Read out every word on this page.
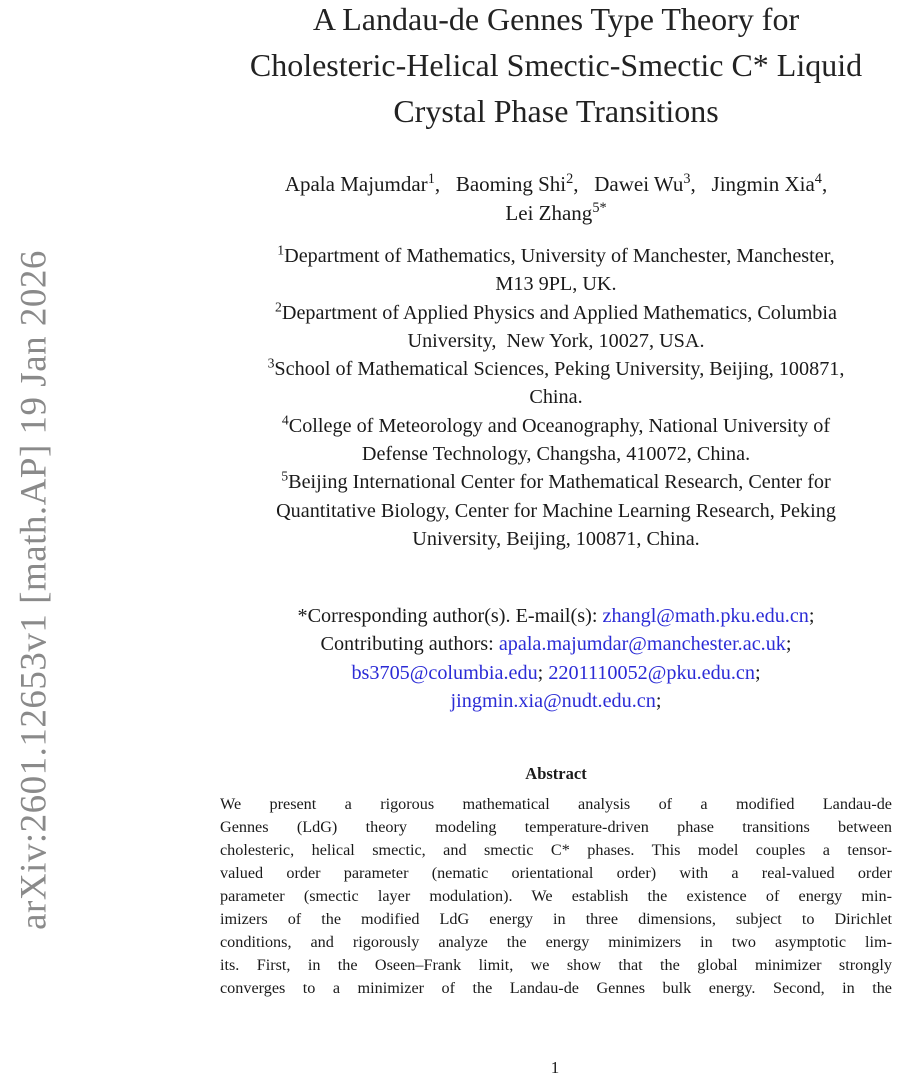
arXiv:2601.12653v1 [math.AP] 19 Jan 2026
A Landau-de Gennes Type Theory for
Cholesteric-Helical Smectic-Smectic C* Liquid
Crystal Phase Transitions
Apala Majumdar$^1$,   Baoming Shi$^2$,   Dawei Wu$^3$,   Jingmin Xia$^4$,
Lei Zhang$^{5*}$
$^1$Department of Mathematics, University of Manchester, Manchester,
M13 9PL, UK.
$^2$Department of Applied Physics and Applied Mathematics, Columbia
University,  New York, 10027, USA.
$^3$School of Mathematical Sciences, Peking University, Beijing, 100871,
China.
$^4$College of Meteorology and Oceanography, National University of
Defense Technology, Changsha, 410072, China.
$^5$Beijing International Center for Mathematical Research, Center for
Quantitative Biology, Center for Machine Learning Research, Peking
University, Beijing, 100871, China.
*Corresponding author(s). E-mail(s): zhangl@math.pku.edu.cn;
Contributing authors: apala.majumdar@manchester.ac.uk;
bs3705@columbia.edu; 2201110052@pku.edu.cn;
jingmin.xia@nudt.edu.cn;
Abstract
We present a rigorous mathematical analysis of a modified Landau-de
Gennes (LdG) theory modeling temperature-driven phase transitions between
cholesteric, helical smectic, and smectic C* phases. This model couples a tensor-
valued order parameter (nematic orientational order) with a real-valued order
parameter (smectic layer modulation). We establish the existence of energy min-
imizers of the modified LdG energy in three dimensions, subject to Dirichlet
conditions, and rigorously analyze the energy minimizers in two asymptotic lim-
its. First, in the Oseen–Frank limit, we show that the global minimizer strongly
converges to a minimizer of the Landau-de Gennes bulk energy. Second, in the
1
